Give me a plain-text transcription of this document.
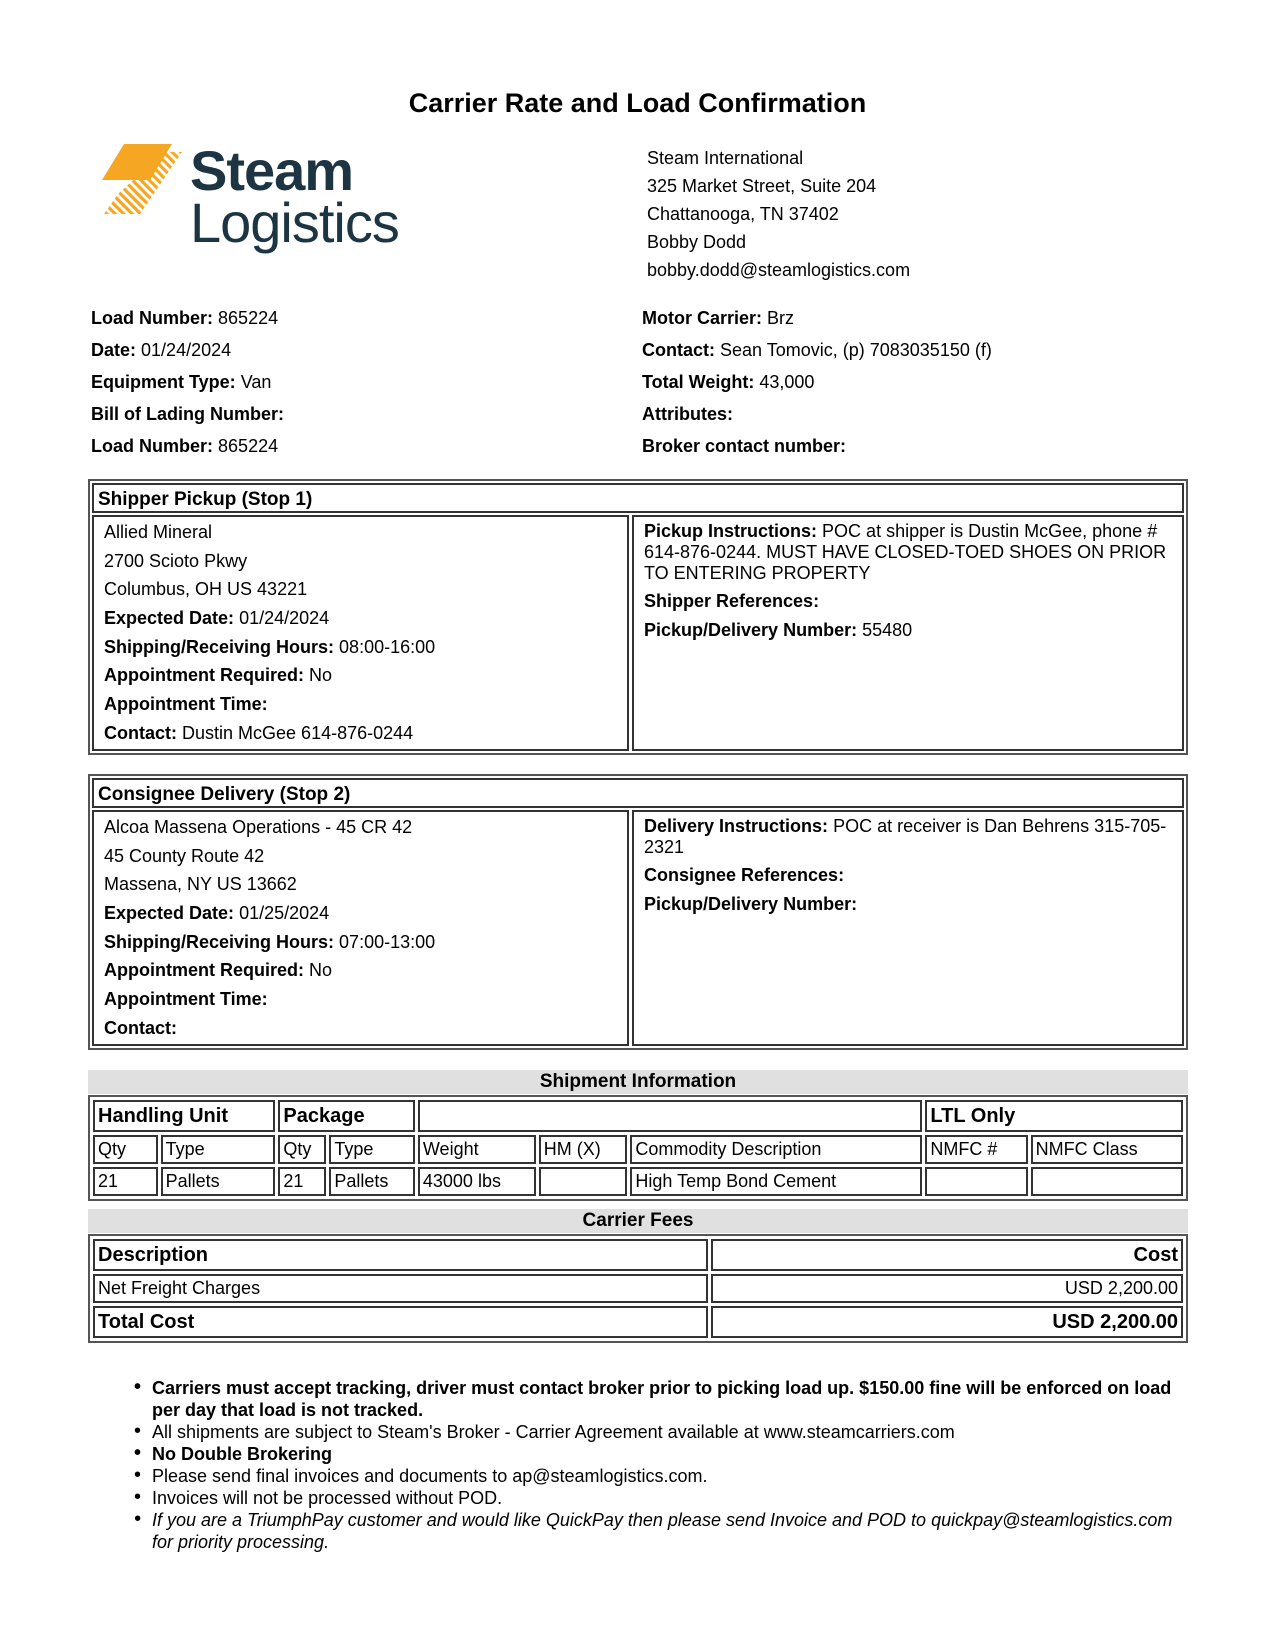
Carrier Rate and Load Confirmation
Steam
Logistics
Steam International
325 Market Street, Suite 204
Chattanooga, TN 37402
Bobby Dodd
bobby.dodd@steamlogistics.com
Load Number: 865224
Date: 01/24/2024
Equipment Type: Van
Bill of Lading Number:
Load Number: 865224
Motor Carrier: Brz
Contact: Sean Tomovic, (p) 7083035150 (f)
Total Weight: 43,000
Attributes:
Broker contact number:
Shipper Pickup (Stop 1)
Allied Mineral
2700 Scioto Pkwy
Columbus, OH US 43221
Expected Date: 01/24/2024
Shipping/Receiving Hours: 08:00-16:00
Appointment Required: No
Appointment Time:
Contact: Dustin McGee 614-876-0244
Pickup Instructions: POC at shipper is Dustin McGee, phone # 614-876-0244. MUST HAVE CLOSED-TOED SHOES ON PRIOR TO ENTERING PROPERTY
Shipper References:
Pickup/Delivery Number: 55480
Consignee Delivery (Stop 2)
Alcoa Massena Operations - 45 CR 42
45 County Route 42
Massena, NY US 13662
Expected Date: 01/25/2024
Shipping/Receiving Hours: 07:00-13:00
Appointment Required: No
Appointment Time:
Contact:
Delivery Instructions: POC at receiver is Dan Behrens 315-705-2321
Consignee References:
Pickup/Delivery Number:
Shipment Information
Handling Unit		Package					LTL Only	
Qty	Type	Qty	Type	Weight	HM (X)	Commodity Description	NMFC #	NMFC Class
21	Pallets	21	Pallets	43000 lbs		High Temp Bond Cement		
Carrier Fees
Description	Cost
Net Freight Charges	USD 2,200.00
Total Cost	USD 2,200.00
• Carriers must accept tracking, driver must contact broker prior to picking load up. $150.00 fine will be enforced on load per day that load is not tracked.
• All shipments are subject to Steam's Broker - Carrier Agreement available at www.steamcarriers.com
• No Double Brokering
• Please send final invoices and documents to ap@steamlogistics.com.
• Invoices will not be processed without POD.
• If you are a TriumphPay customer and would like QuickPay then please send Invoice and POD to quickpay@steamlogistics.com for priority processing.
